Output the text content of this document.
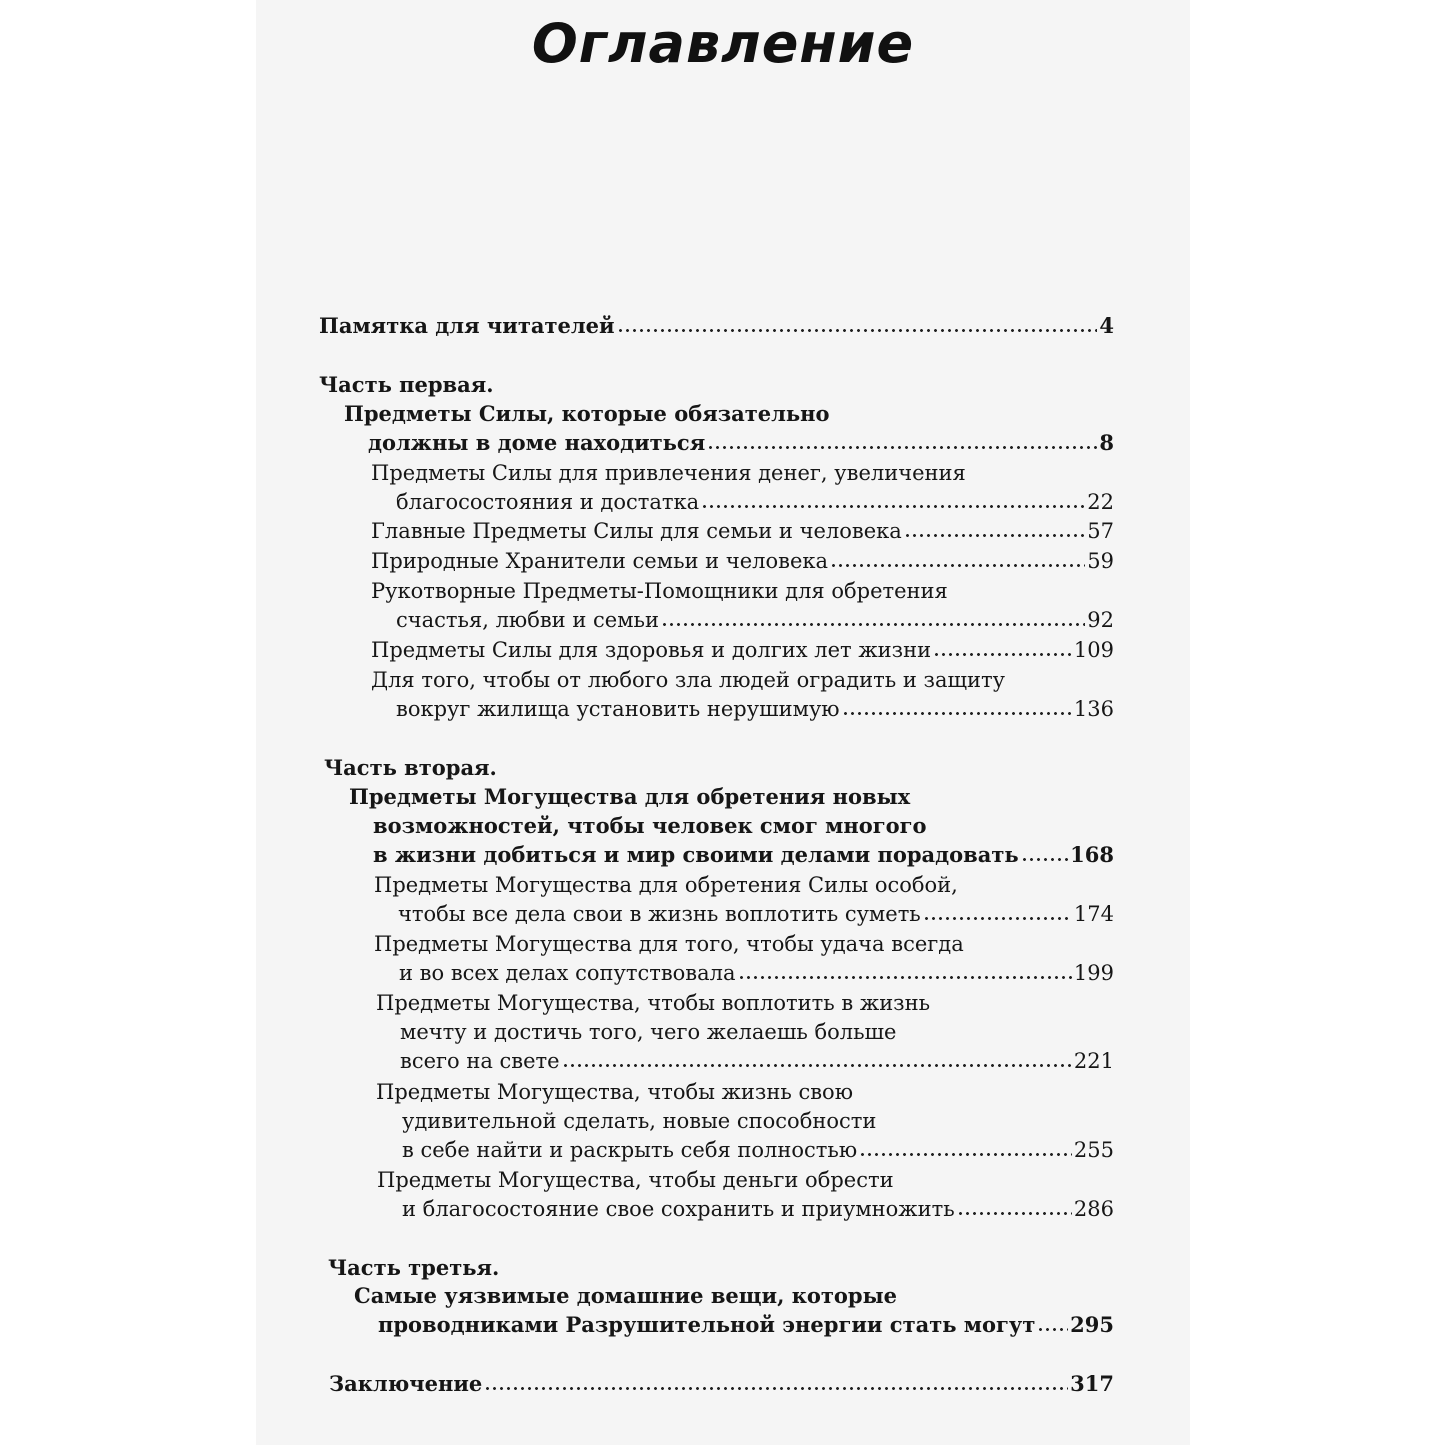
Оглавление
Памятка для читателей	4
Часть первая.
Предметы Силы, которые обязательно
должны в доме находиться	8
Предметы Силы для привлечения денег, увеличения
благосостояния и достатка	22
Главные Предметы Силы для семьи и человека	57
Природные Хранители семьи и человека	59
Рукотворные Предметы-Помощники для обретения
счастья, любви и семьи	92
Предметы Силы для здоровья и долгих лет жизни	109
Для того, чтобы от любого зла людей оградить и защиту
вокруг жилища установить нерушимую	136
Часть вторая.
Предметы Могущества для обретения новых
возможностей, чтобы человек смог многого
в жизни добиться и мир своими делами порадовать 168
Предметы Могущества для обретения Силы особой,
чтобы все дела свои в жизнь воплотить суметь	174
Предметы Могущества для того, чтобы удача всегда
и во всех делах сопутствовала	199
Предметы Могущества, чтобы воплотить в жизнь
мечту и достичь того, чего желаешь больше
всего на свете	221
Предметы Могущества, чтобы жизнь свою
удивительной сделать, новые способности
в себе найти и раскрыть себя полностью	255
Предметы Могущества, чтобы деньги обрести
и благосостояние свое сохранить и приумножить	286
Часть третья.
Самые уязвимые домашние вещи, которые
проводниками Разрушительной энергии стать могут 295
Заключение	317
